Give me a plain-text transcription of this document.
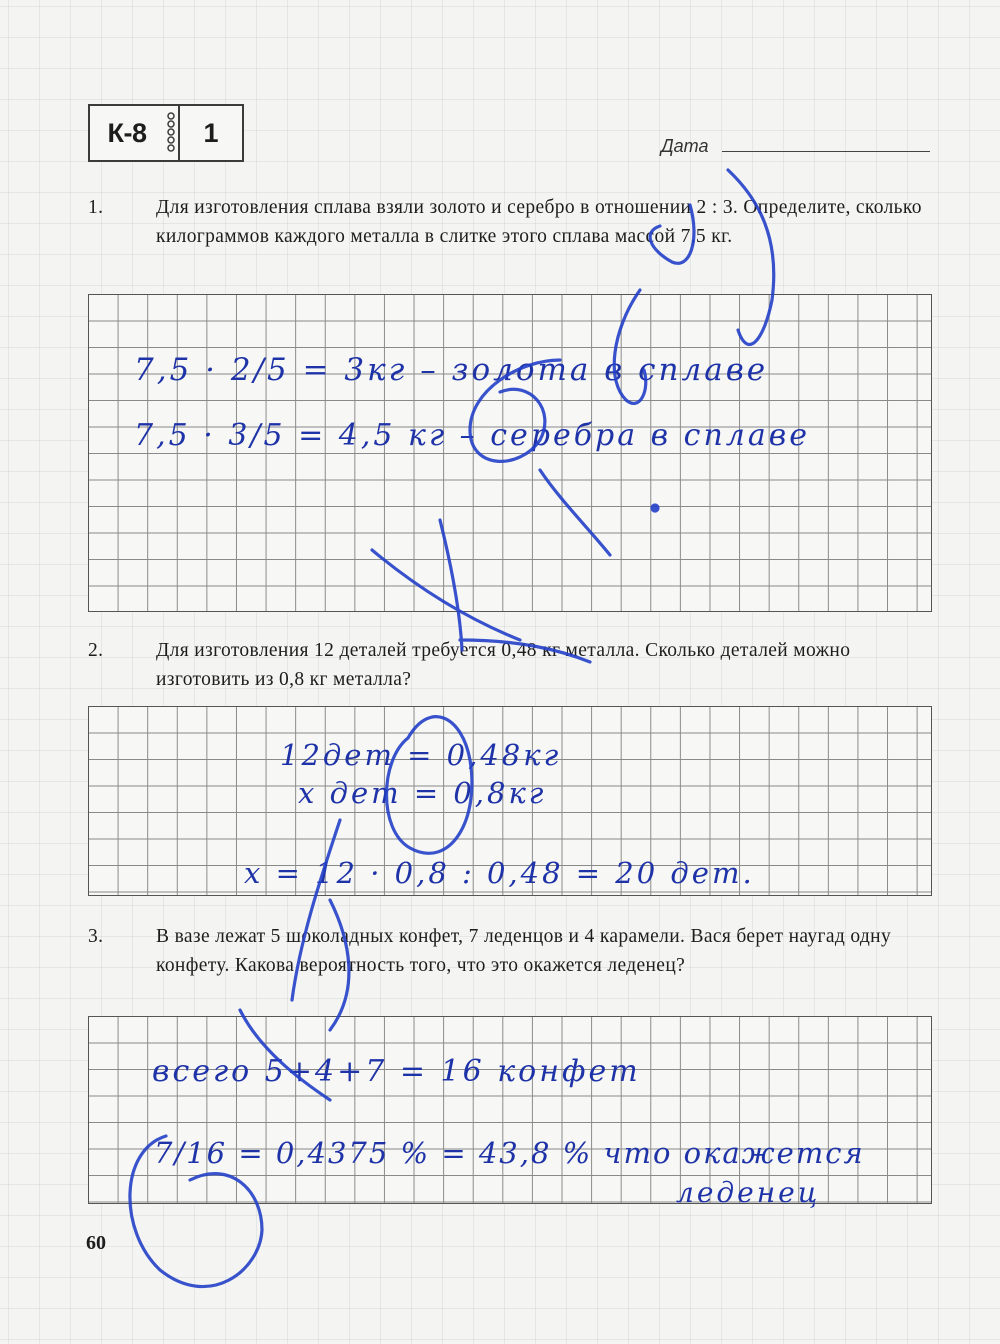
К-8	1	Дата
1.	Для изготовления сплава взяли золото и серебро в отношении 2 : 3. Определите, сколько килограммов каждого металла в слитке этого сплава массой 7,5 кг.
2.	Для изготовления 12 деталей требуется 0,48 кг металла. Сколько деталей можно изготовить из 0,8 кг металла?
3.	В вазе лежат 5 шоколадных конфет, 7 леденцов и 4 карамели. Вася берет наугад одну конфету. Какова вероятность того, что это окажется леденец?
7,5 · 2/5 = 3кг – золота в сплаве
7,5 · 3/5 = 4,5 кг – серебра в сплаве
12дет = 0,48кг
х дет = 0,8кг
х = 12 · 0,8 : 0,48 = 20 дет.
всего 5+4+7 = 16 конфет
7/16 = 0,4375 % = 43,8 % что окажется
леденец
60
